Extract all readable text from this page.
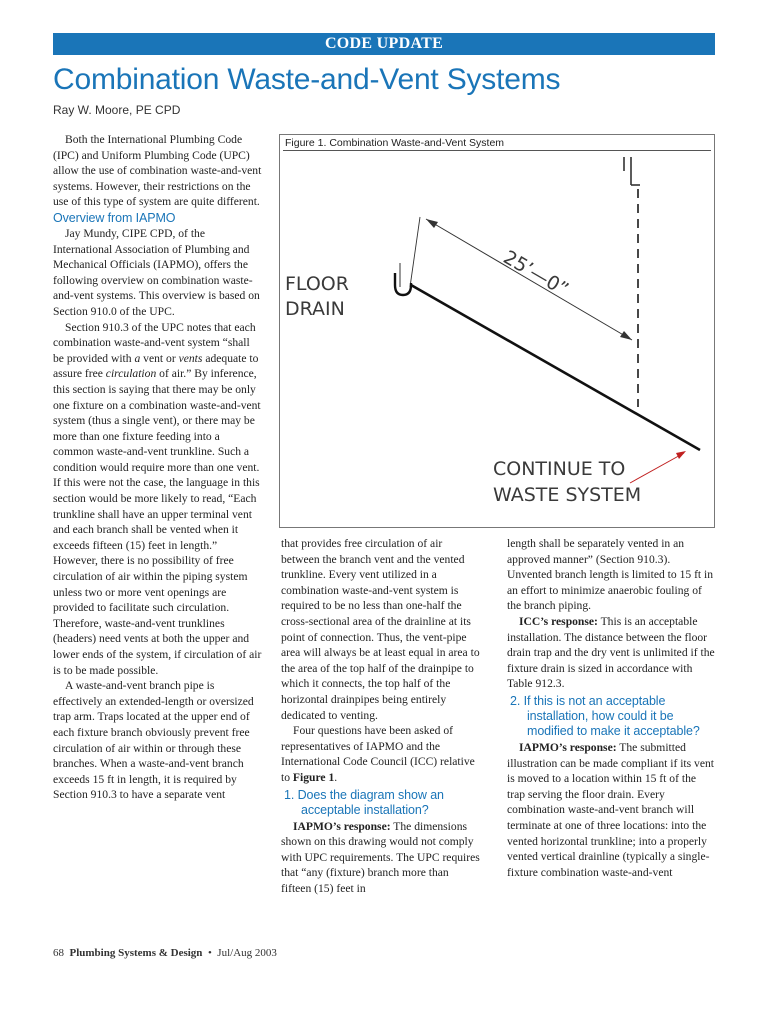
CODE UPDATE
Combination Waste-and-Vent Systems
Ray W. Moore, PE CPD

Both the International Plumbing Code (IPC) and Uniform Plumbing Code (UPC) allow the use of combination waste-and-vent systems. However, their restrictions on the use of this type of system are quite different.

Overview from IAPMO

Jay Mundy, CIPE CPD, of the International Association of Plumbing and Mechanical Officials (IAPMO), offers the following overview on combination waste-and-vent systems. This overview is based on Section 910.0 of the UPC.

Section 910.3 of the UPC notes that each combination waste-and-vent system “shall be provided with a vent or vents adequate to assure free circulation of air.” By inference, this section is saying that there may be only one fixture on a combination waste-and-vent system (thus a single vent), or there may be more than one fixture feeding into a common waste-and-vent trunkline. Such a condition would require more than one vent. If this were not the case, the language in this section would be more likely to read, “Each trunkline shall have an upper terminal vent and each branch shall be vented when it exceeds fifteen (15) feet in length.” However, there is no possibility of free circulation of air within the piping system unless two or more vent openings are provided to facilitate such circulation. Therefore, waste-and-vent trunklines (headers) need vents at both the upper and lower ends of the system, if circulation of air is to be made possible.

A waste-and-vent branch pipe is effectively an extended-length or oversized trap arm. Traps located at the upper end of each fixture branch obviously prevent free circulation of air within or through these branches. When a waste-and-vent branch exceeds 15 ft in length, it is required by Section 910.3 to have a separate vent

Figure 1. Combination Waste-and-Vent System
25’—0”
FLOOR
DRAIN
CONTINUE TO
WASTE SYSTEM

that provides free circulation of air between the branch vent and the vented trunkline. Every vent utilized in a combination waste-and-vent system is required to be no less than one-half the cross-sectional area of the drainline at its point of connection. Thus, the vent-pipe area will always be at least equal in area to the area of the top half of the drainpipe to which it connects, the top half of the horizontal drainpipes being entirely dedicated to venting.

Four questions have been asked of representatives of IAPMO and the International Code Council (ICC) relative to Figure 1.

1. Does the diagram show an acceptable installation?

IAPMO’s response: The dimensions shown on this drawing would not comply with UPC requirements. The UPC requires that “any (fixture) branch more than fifteen (15) feet in

length shall be separately vented in an approved manner” (Section 910.3). Unvented branch length is limited to 15 ft in an effort to minimize anaerobic fouling of the branch piping.

ICC’s response: This is an acceptable installation. The distance between the floor drain trap and the dry vent is unlimited if the fixture drain is sized in accordance with Table 912.3.

2. If this is not an acceptable installation, how could it be modified to make it acceptable?

IAPMO’s response: The submitted illustration can be made compliant if its vent is moved to a location within 15 ft of the trap serving the floor drain. Every combination waste-and-vent branch will terminate at one of three locations: into the vented horizontal trunkline; into a properly vented vertical drainline (typically a single-fixture combination waste-and-vent

68 Plumbing Systems & Design • Jul/Aug 2003
